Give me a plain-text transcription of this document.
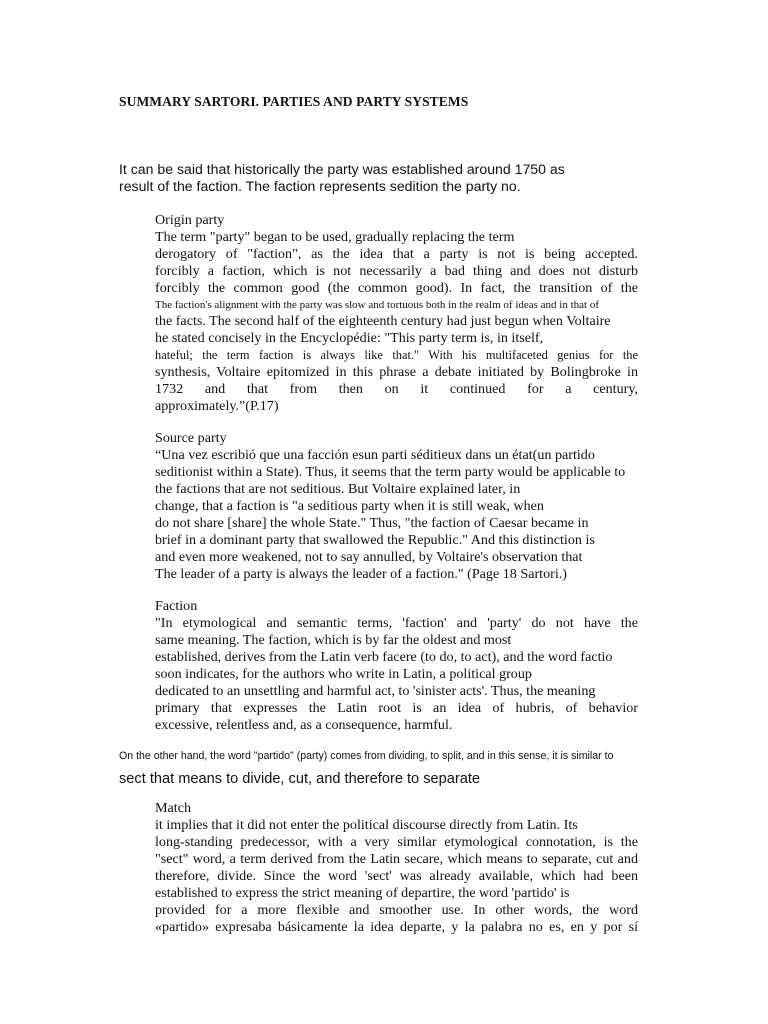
SUMMARY SARTORI. PARTIES AND PARTY SYSTEMS
It can be said that historically the party was established around 1750 as
result of the faction. The faction represents sedition the party no.
Origin party
The term "party" began to be used, gradually replacing the term
derogatory of "faction", as the idea that a party is not is being accepted.
forcibly a faction, which is not necessarily a bad thing and does not disturb
forcibly the common good (the common good). In fact, the transition of the
The faction's alignment with the party was slow and tortuous both in the realm of ideas and in that of
the facts. The second half of the eighteenth century had just begun when Voltaire
he stated concisely in the Encyclopédie: "This party term is, in itself,
hateful; the term faction is always like that." With his multifaceted genius for the
synthesis, Voltaire epitomized in this phrase a debate initiated by Bolingbroke in
1732 and that from then on it continued for a century,
approximately.”(P.17)
Source party
“Una vez escribió que una facción esun parti séditieux dans un état(un partido
seditionist within a State). Thus, it seems that the term party would be applicable to
the factions that are not seditious. But Voltaire explained later, in
change, that a faction is "a seditious party when it is still weak, when
do not share [share] the whole State." Thus, "the faction of Caesar became in
brief in a dominant party that swallowed the Republic." And this distinction is
and even more weakened, not to say annulled, by Voltaire's observation that
The leader of a party is always the leader of a faction." (Page 18 Sartori.)
Faction
"In etymological and semantic terms, 'faction' and 'party' do not have the
same meaning. The faction, which is by far the oldest and most
established, derives from the Latin verb facere (to do, to act), and the word factio
soon indicates, for the authors who write in Latin, a political group
dedicated to an unsettling and harmful act, to 'sinister acts'. Thus, the meaning
primary that expresses the Latin root is an idea of hubris, of behavior
excessive, relentless and, as a consequence, harmful.
On the other hand, the word "partido" (party) comes from dividing, to split, and in this sense, it is similar to
sect that means to divide, cut, and therefore to separate
Match
it implies that it did not enter the political discourse directly from Latin. Its
long-standing predecessor, with a very similar etymological connotation, is the
"sect" word, a term derived from the Latin secare, which means to separate, cut and
therefore, divide. Since the word 'sect' was already available, which had been
established to express the strict meaning of departire, the word 'partido' is
provided for a more flexible and smoother use. In other words, the word
«partido» expresaba básicamente la idea departe, y la palabra no es, en y por sí
